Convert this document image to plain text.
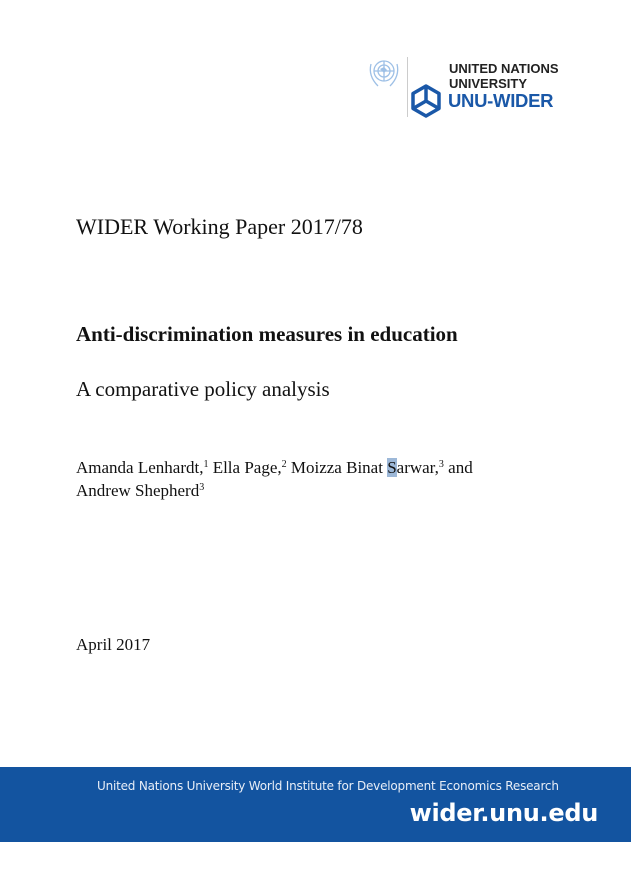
UNITED NATIONS
UNIVERSITY
UNU-WIDER
WIDER Working Paper 2017/78
Anti-discrimination measures in education
A comparative policy analysis
Amanda Lenhardt,$^1$ Ella Page,$^2$ Moizza Binat Sarwar,$^3$ and
Andrew Shepherd$^3$
April 2017
United Nations University World Institute for Development Economics Research
wider.unu.edu
